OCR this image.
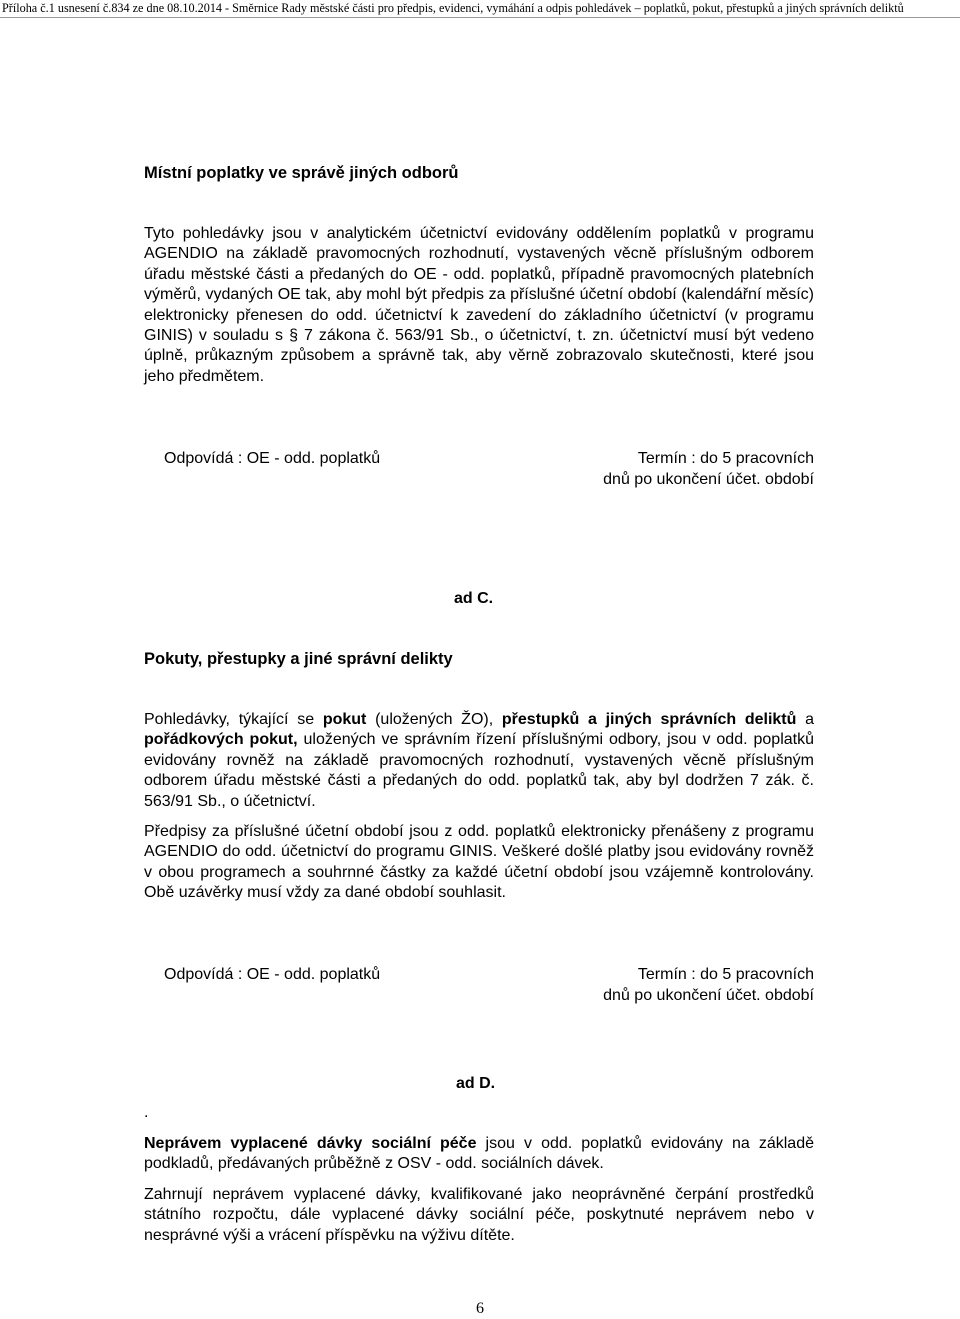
Příloha č.1 usnesení č.834 ze dne 08.10.2014 - Směrnice Rady městské části pro předpis, evidenci, vymáhání a odpis pohledávek – poplatků, pokut, přestupků a jiných správních deliktů
Místní poplatky ve správě jiných odborů
Tyto pohledávky jsou v analytickém účetnictví evidovány oddělením poplatků v programu AGENDIO na základě pravomocných rozhodnutí, vystavených věcně příslušným odborem úřadu městské části a předaných do OE - odd. poplatků, případně pravomocných platebních výměrů, vydaných OE tak, aby mohl být předpis za příslušné účetní období (kalendářní měsíc) elektronicky přenesen do odd. účetnictví k zavedení do základního účetnictví (v programu GINIS) v souladu s § 7 zákona č. 563/91 Sb., o účetnictví, t. zn. účetnictví musí být vedeno úplně, průkazným způsobem a správně tak, aby věrně zobrazovalo skutečnosti, které jsou jeho předmětem.
Odpovídá : OE - odd. poplatků	Termín : do 5 pracovních
dnů po ukončení účet. období
ad C.
Pokuty, přestupky a jiné správní delikty
Pohledávky, týkající se pokut (uložených ŽO), přestupků a jiných správních deliktů a pořádkových pokut, uložených ve správním řízení příslušnými odbory, jsou v odd. poplatků evidovány rovněž na základě pravomocných rozhodnutí, vystavených věcně příslušným odborem úřadu městské části a předaných do odd. poplatků tak, aby byl dodržen 7 zák. č. 563/91 Sb., o účetnictví.
Předpisy za příslušné účetní období jsou z odd. poplatků elektronicky přenášeny z programu AGENDIO do odd. účetnictví do programu GINIS. Veškeré došlé platby jsou evidovány rovněž v obou programech a souhrnné částky za každé účetní období jsou vzájemně kontrolovány. Obě uzávěrky musí vždy za dané období souhlasit.
Odpovídá : OE - odd. poplatků	Termín : do 5 pracovních
dnů po ukončení účet. období
ad D.
.
Neprávem vyplacené dávky sociální péče jsou v odd. poplatků evidovány na základě podkladů, předávaných průběžně z OSV - odd. sociálních dávek.
Zahrnují neprávem vyplacené dávky, kvalifikované jako neoprávněné čerpání prostředků státního rozpočtu, dále vyplacené dávky sociální péče, poskytnuté neprávem nebo v nesprávné výši a vrácení příspěvku na výživu dítěte.
6
